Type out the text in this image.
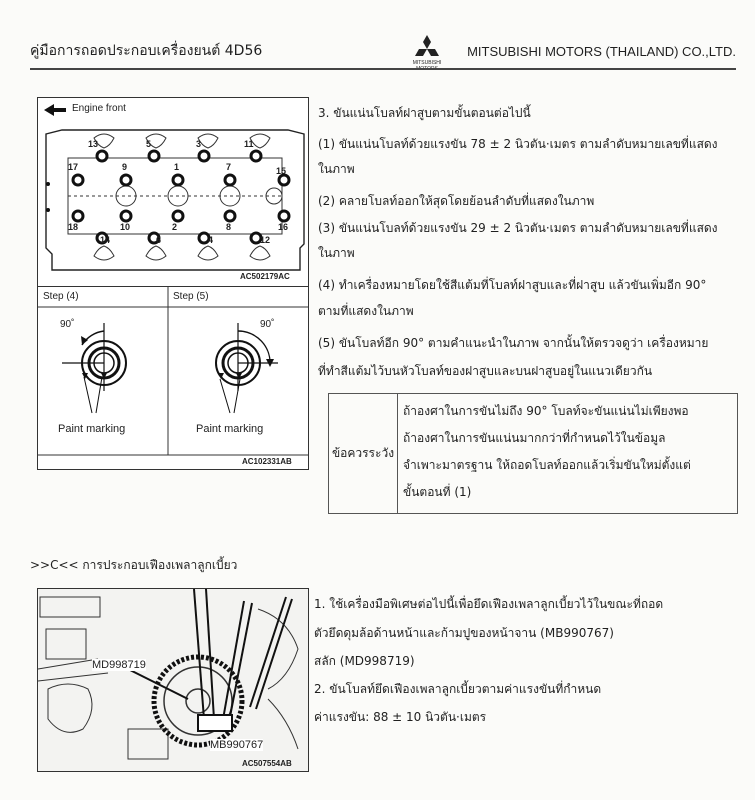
คู่มือการถอดประกอบเครื่องยนต์ 4D56
MITSUBISHI
MITSUBISHI MOTORS (THAILAND) CO.,LTD.
Engine front
13	5	3	11
17	9	1	7	15
18	10	2	8	16
14	6	4	12
AC502179AC
Step (4)	Step (5)
90˚	90˚
Paint marking	Paint marking
AC102331AB
3. ขันแน่นโบลท์ฝาสูบตามขั้นตอนต่อไปนี้
(1) ขันแน่นโบลท์ด้วยแรงขัน 78 ± 2 นิวตัน·เมตร ตามลำดับหมายเลขที่แสดง
ในภาพ
(2) คลายโบลท์ออกให้สุดโดยย้อนลำดับที่แสดงในภาพ
(3) ขันแน่นโบลท์ด้วยแรงขัน 29 ± 2 นิวตัน·เมตร ตามลำดับหมายเลขที่แสดง
ในภาพ
(4) ทำเครื่องหมายโดยใช้สีแต้มที่โบลท์ฝาสูบและที่ฝาสูบ แล้วขันเพิ่มอีก 90°
ตามที่แสดงในภาพ
(5) ขันโบลท์อีก 90° ตามคำแนะนำในภาพ จากนั้นให้ตรวจดูว่า เครื่องหมาย
ที่ทำสีแต้มไว้บนหัวโบลท์ของฝาสูบและบนฝาสูบอยู่ในแนวเดียวกัน
ข้อควรระวัง
ถ้าองศาในการขันไม่ถึง 90° โบลท์จะขันแน่นไม่เพียงพอ
ถ้าองศาในการขันแน่นมากกว่าที่กำหนดไว้ในข้อมูล
จำเพาะมาตรฐาน ให้ถอดโบลท์ออกแล้วเริ่มขันใหม่ตั้งแต่
ขั้นตอนที่ (1)
>>C<< การประกอบเฟืองเพลาลูกเบี้ยว
MD998719
MB990767
AC507554AB
1. ใช้เครื่องมือพิเศษต่อไปนี้เพื่อยึดเฟืองเพลาลูกเบี้ยวไว้ในขณะที่ถอด
ตัวยึดดุมล้อด้านหน้าและก้ามปูของหน้าจาน (MB990767)
สลัก (MD998719)
2. ขันโบลท์ยึดเฟืองเพลาลูกเบี้ยวตามค่าแรงขันที่กำหนด
ค่าแรงขัน: 88 ± 10 นิวตัน·เมตร
